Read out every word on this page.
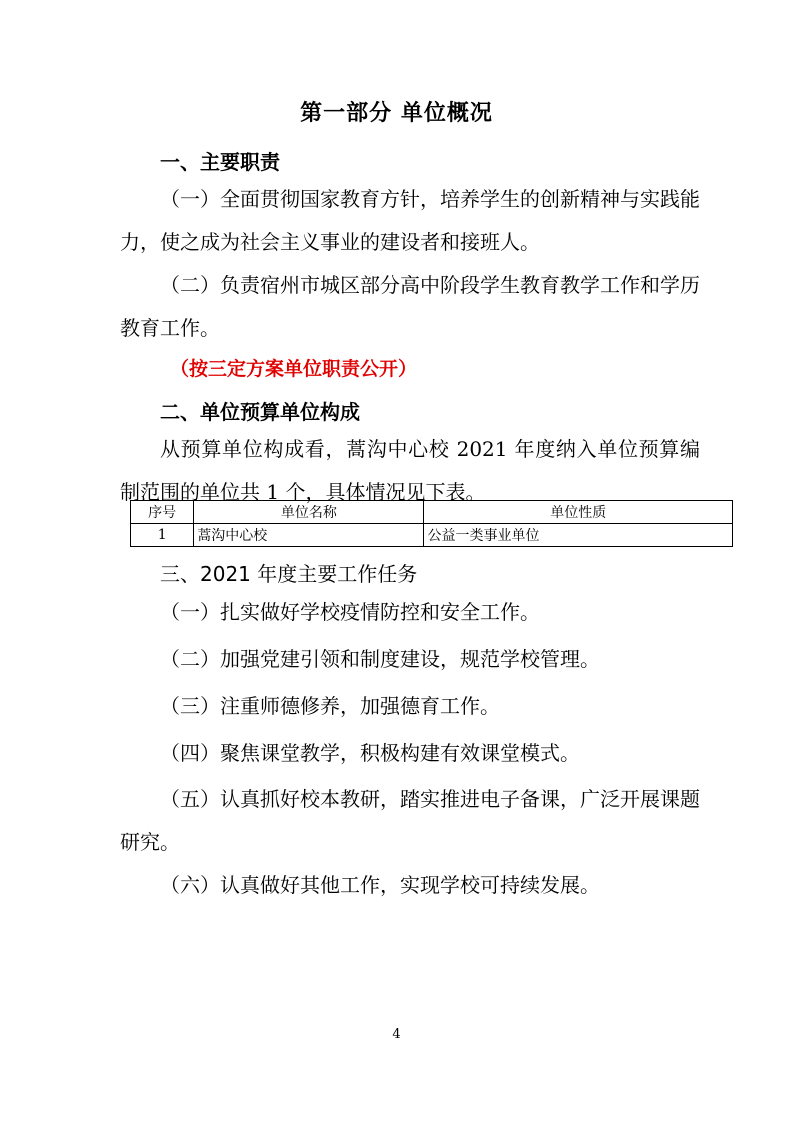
第一部分 单位概况
一、主要职责
（一）全面贯彻国家教育方针，培养学生的创新精神与实践能力，使之成为社会主义事业的建设者和接班人。
（二）负责宿州市城区部分高中阶段学生教育教学工作和学历教育工作。
（按三定方案单位职责公开）
二、单位预算单位构成
从预算单位构成看，蒿沟中心校 2021 年度纳入单位预算编制范围的单位共 1 个，具体情况见下表。
序号	单位名称	单位性质
1	蒿沟中心校	公益一类事业单位
三、2021 年度主要工作任务
（一）扎实做好学校疫情防控和安全工作。
（二）加强党建引领和制度建设，规范学校管理。
（三）注重师德修养，加强德育工作。
（四）聚焦课堂教学，积极构建有效课堂模式。
（五）认真抓好校本教研，踏实推进电子备课，广泛开展课题研究。
（六）认真做好其他工作，实现学校可持续发展。
4
